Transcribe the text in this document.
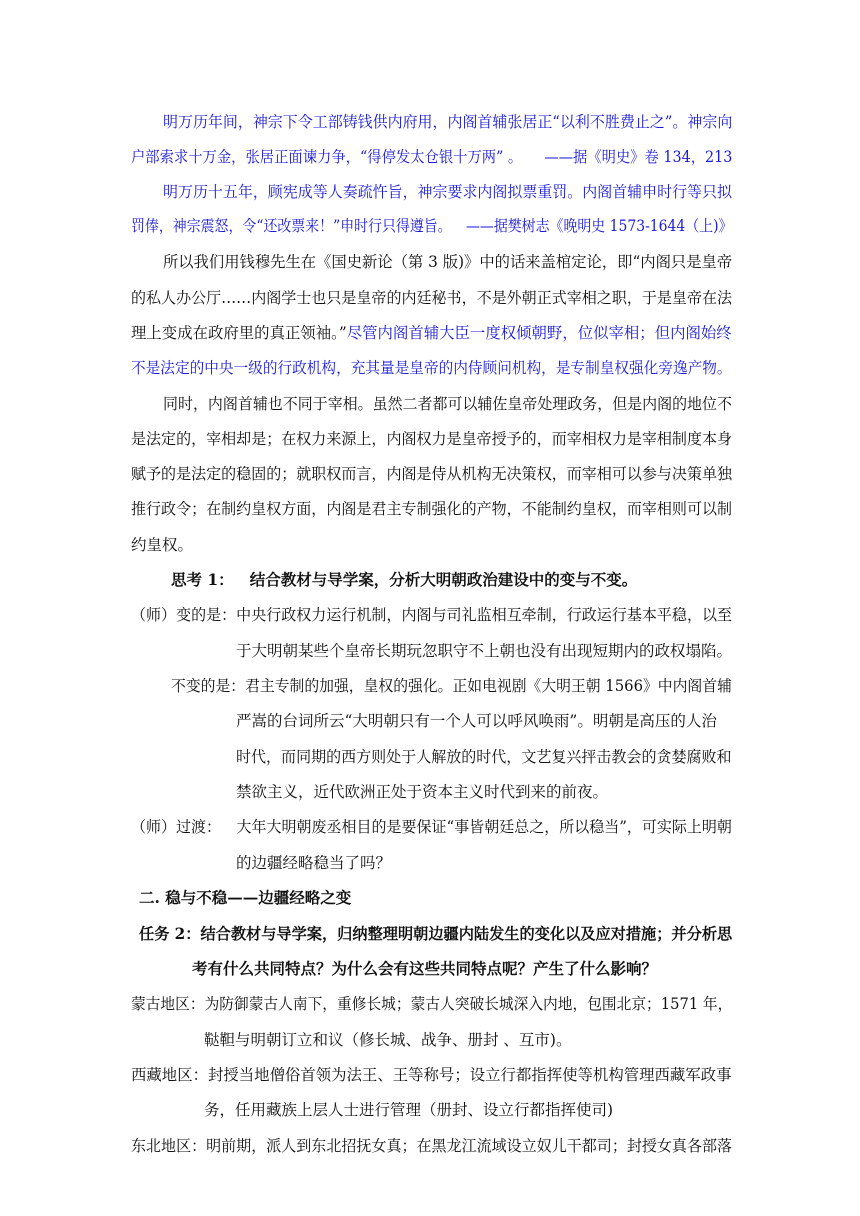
明万历年间，神宗下令工部铸钱供内府用，内阁首辅张居正“以利不胜费止之”。神宗向
户部索求十万金，张居正面谏力争，“得停发太仓银十万两” 。 ——据《明史》卷 134，213
明万历十五年，顾宪成等人奏疏忤旨，神宗要求内阁拟票重罚。内阁首辅申时行等只拟
罚俸，神宗震怒，令“还改票来！”申时行只得遵旨。 ——据樊树志《晚明史 1573-1644（上)》
所以我们用钱穆先生在《国史新论（第 3 版)》中的话来盖棺定论，即“内阁只是皇帝
的私人办公厅……内阁学士也只是皇帝的内廷秘书，不是外朝正式宰相之职，于是皇帝在法
理上变成在政府里的真正领袖。”尽管内阁首辅大臣一度权倾朝野，位似宰相；但内阁始终
不是法定的中央一级的行政机构，充其量是皇帝的内侍顾问机构，是专制皇权强化旁逸产物。
同时，内阁首辅也不同于宰相。虽然二者都可以辅佐皇帝处理政务，但是内阁的地位不
是法定的，宰相却是；在权力来源上，内阁权力是皇帝授予的，而宰相权力是宰相制度本身
赋予的是法定的稳固的；就职权而言，内阁是侍从机构无决策权，而宰相可以参与决策单独
推行政令；在制约皇权方面，内阁是君主专制强化的产物，不能制约皇权，而宰相则可以制
约皇权。
思考 1： 结合教材与导学案，分析大明朝政治建设中的变与不变。
（师）变的是：中央行政权力运行机制，内阁与司礼监相互牵制，行政运行基本平稳，以至
于大明朝某些个皇帝长期玩忽职守不上朝也没有出现短期内的政权塌陷。
不变的是：君主专制的加强，皇权的强化。正如电视剧《大明王朝 1566》中内阁首辅
严嵩的台词所云“大明朝只有一个人可以呼风唤雨”。明朝是高压的人治
时代，而同期的西方则处于人解放的时代，文艺复兴抨击教会的贪婪腐败和
禁欲主义，近代欧洲正处于资本主义时代到来的前夜。
（师）过渡： 大年大明朝废丞相目的是要保证“事皆朝廷总之，所以稳当”，可实际上明朝
的边疆经略稳当了吗？
二. 稳与不稳——边疆经略之变
任务 2：结合教材与导学案，归纳整理明朝边疆内陆发生的变化以及应对措施；并分析思
考有什么共同特点？为什么会有这些共同特点呢？产生了什么影响？
蒙古地区：为防御蒙古人南下，重修长城；蒙古人突破长城深入内地，包围北京；1571 年，
鞑靼与明朝订立和议（修长城、战争、册封 、互市)。
西藏地区：封授当地僧俗首领为法王、王等称号；设立行都指挥使等机构管理西藏军政事
务，任用藏族上层人士进行管理（册封、设立行都指挥使司)
东北地区：明前期，派人到东北招抚女真；在黑龙江流域设立奴儿干都司；封授女真各部落
